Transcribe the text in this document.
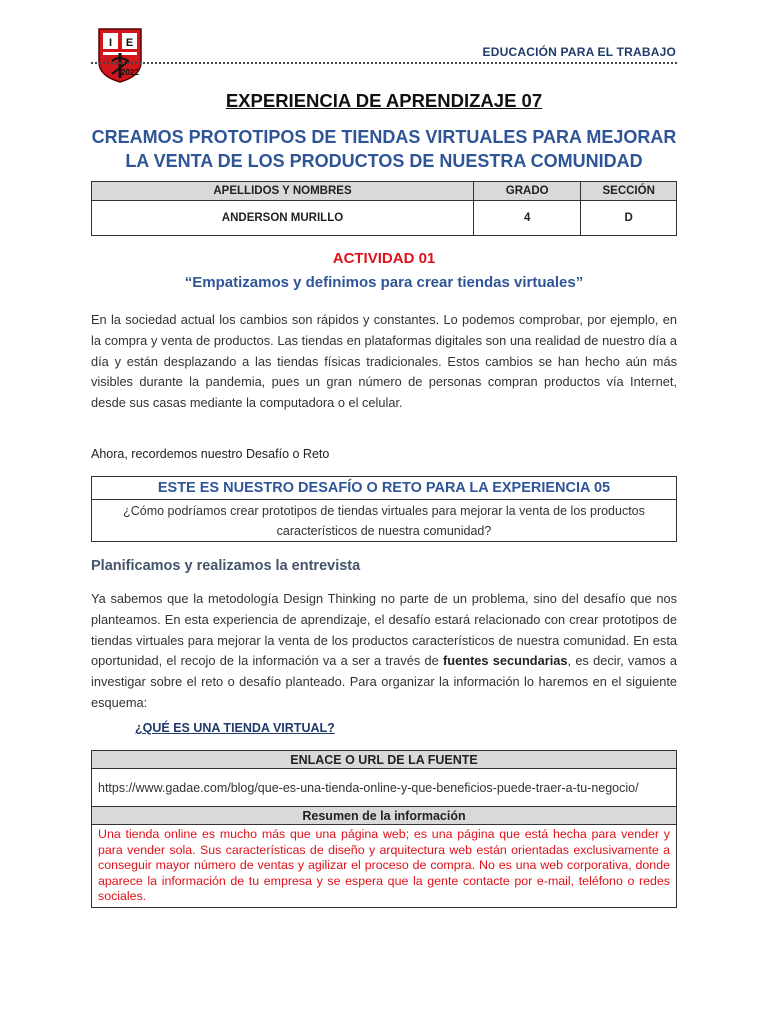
I E
2022
EDUCACIÓN PARA EL TRABAJO
EXPERIENCIA DE APRENDIZAJE 07
CREAMOS PROTOTIPOS DE TIENDAS VIRTUALES PARA MEJORAR LA VENTA DE LOS PRODUCTOS DE NUESTRA COMUNIDAD
APELLIDOS Y NOMBRES	GRADO	SECCIÓN
ANDERSON MURILLO	4	D
ACTIVIDAD 01
“Empatizamos y definimos para crear tiendas virtuales”
En la sociedad actual los cambios son rápidos y constantes. Lo podemos comprobar, por ejemplo, en la compra y venta de productos. Las tiendas en plataformas digitales son una realidad de nuestro día a día y están desplazando a las tiendas físicas tradicionales. Estos cambios se han hecho aún más visibles durante la pandemia, pues un gran número de personas compran productos vía Internet, desde sus casas mediante la computadora o el celular.
Ahora, recordemos nuestro Desafío o Reto
ESTE ES NUESTRO DESAFÍO O RETO PARA LA EXPERIENCIA 05
¿Cómo podríamos crear prototipos de tiendas virtuales para mejorar la venta de los productos característicos de nuestra comunidad?
Planificamos y realizamos la entrevista
Ya sabemos que la metodología Design Thinking no parte de un problema, sino del desafío que nos planteamos. En esta experiencia de aprendizaje, el desafío estará relacionado con crear prototipos de tiendas virtuales para mejorar la venta de los productos característicos de nuestra comunidad. En esta oportunidad, el recojo de la información va a ser a través de fuentes secundarias, es decir, vamos a investigar sobre el reto o desafío planteado. Para organizar la información lo haremos en el siguiente esquema:
¿QUÉ ES UNA TIENDA VIRTUAL?
ENLACE O URL DE LA FUENTE
https://www.gadae.com/blog/que-es-una-tienda-online-y-que-beneficios-puede-traer-a-tu-negocio/
Resumen de la información
Una tienda online es mucho más que una página web; es una página que está hecha para vender y para vender sola. Sus características de diseño y arquitectura web están orientadas exclusivamente a conseguir mayor número de ventas y agilizar el proceso de compra. No es una web corporativa, donde aparece la información de tu empresa y se espera que la gente contacte por e-mail, teléfono o redes sociales.
